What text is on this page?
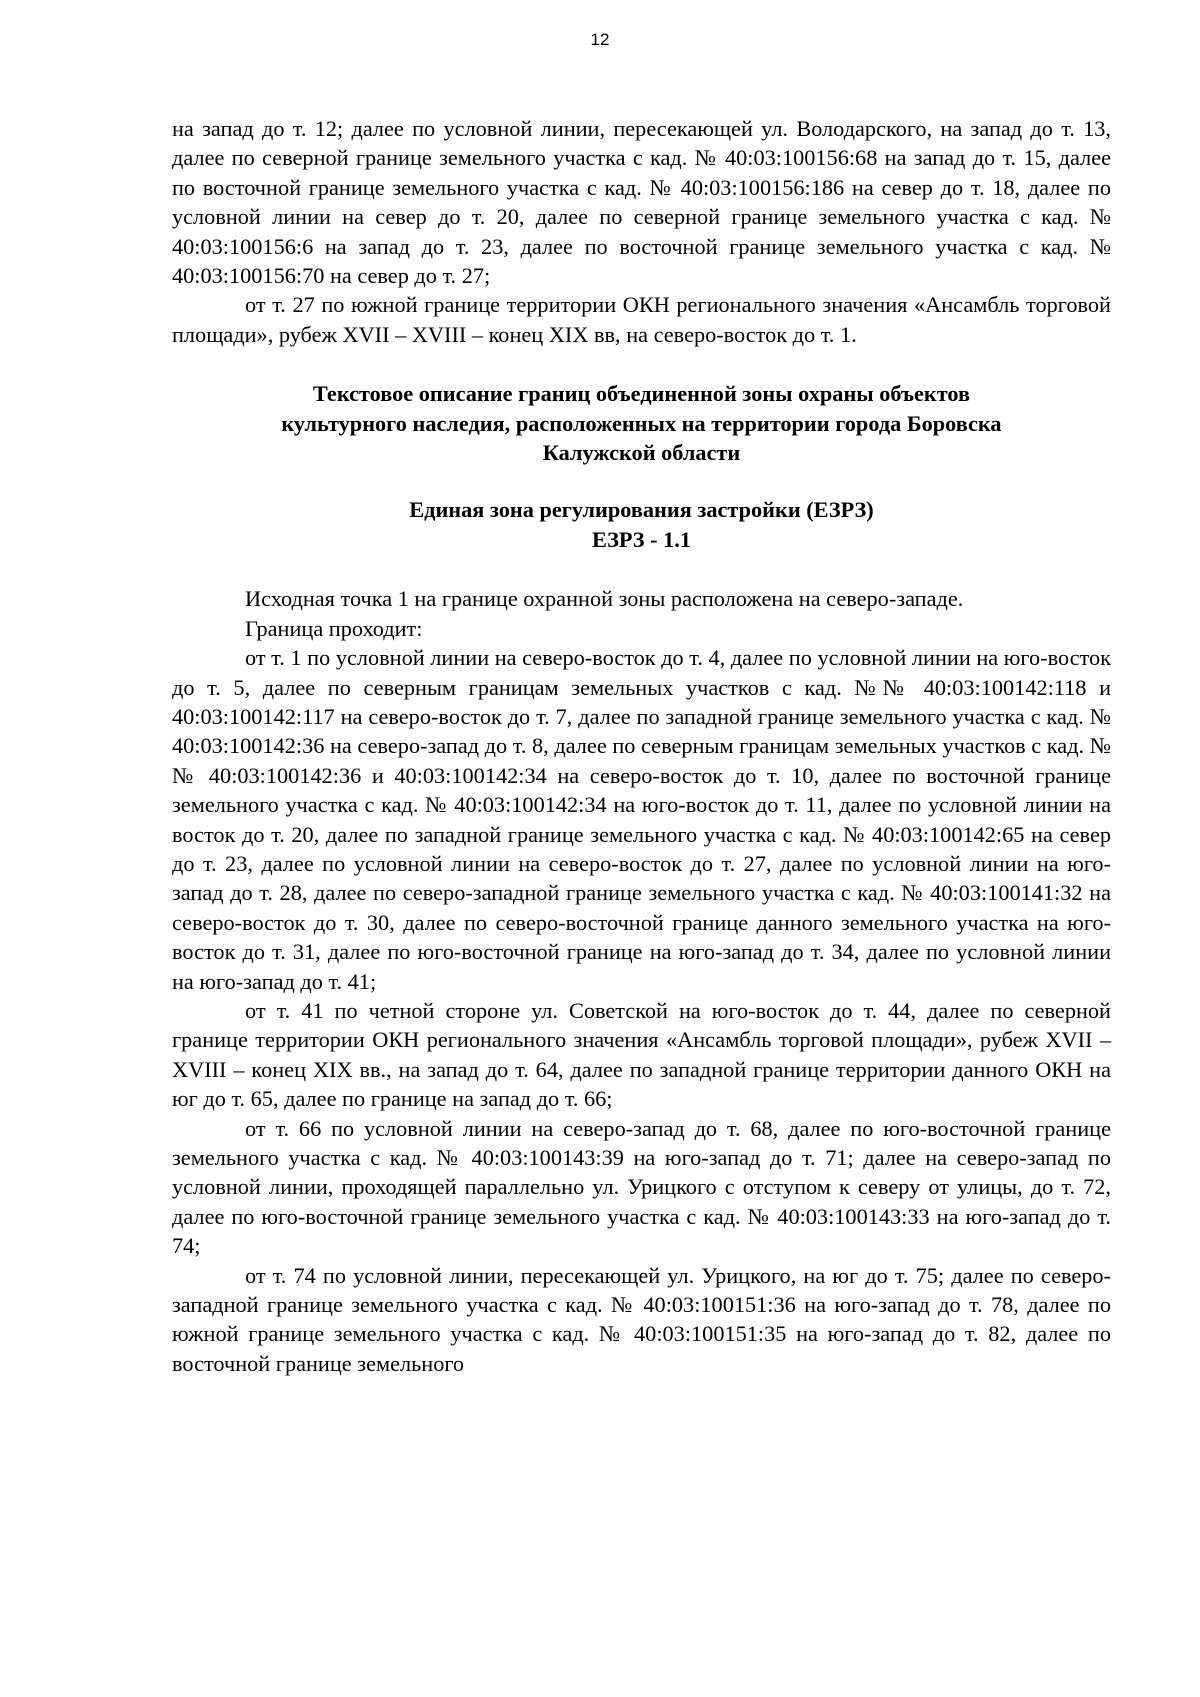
12

на запад до т. 12; далее по условной линии, пересекающей ул. Володарского, на запад до т. 13, далее по северной границе земельного участка с кад. № 40:03:100156:68 на запад до т. 15, далее по восточной границе земельного участка с кад. № 40:03:100156:186 на север до т. 18, далее по условной линии на север до т. 20, далее по северной границе земельного участка с кад. № 40:03:100156:6 на запад до т. 23, далее по восточной границе земельного участка с кад. № 40:03:100156:70 на север до т. 27;

от т. 27 по южной границе территории ОКН регионального значения «Ансамбль торговой площади», рубеж XVII – XVIII – конец XIX вв, на северо-восток до т. 1.

Текстовое описание границ объединенной зоны охраны объектов
культурного наследия, расположенных на территории города Боровска
Калужской области
Единая зона регулирования застройки (ЕЗРЗ)
ЕЗРЗ - 1.1

Исходная точка 1 на границе охранной зоны расположена на северо-западе.

Граница проходит:

от т. 1 по условной линии на северо-восток до т. 4, далее по условной линии на юго-восток до т. 5, далее по северным границам земельных участков с кад. №№ 40:03:100142:118 и 40:03:100142:117 на северо-восток до т. 7, далее по западной границе земельного участка с кад. № 40:03:100142:36 на северо-запад до т. 8, далее по северным границам земельных участков с кад. №№ 40:03:100142:36 и 40:03:100142:34 на северо-восток до т. 10, далее по восточной границе земельного участка с кад. № 40:03:100142:34 на юго-восток до т. 11, далее по условной линии на восток до т. 20, далее по западной границе земельного участка с кад. № 40:03:100142:65 на север до т. 23, далее по условной линии на северо-восток до т. 27, далее по условной линии на юго-запад до т. 28, далее по северо-западной границе земельного участка с кад. № 40:03:100141:32 на северо-восток до т. 30, далее по северо-восточной границе данного земельного участка на юго-восток до т. 31, далее по юго-восточной границе на юго-запад до т. 34, далее по условной линии на юго-запад до т. 41;

от т. 41 по четной стороне ул. Советской на юго-восток до т. 44, далее по северной границе территории ОКН регионального значения «Ансамбль торговой площади», рубеж XVII – XVIII – конец XIX вв., на запад до т. 64, далее по западной границе территории данного ОКН на юг до т. 65, далее по границе на запад до т. 66;

от т. 66 по условной линии на северо-запад до т. 68, далее по юго-восточной границе земельного участка с кад. № 40:03:100143:39 на юго-запад до т. 71; далее на северо-запад по условной линии, проходящей параллельно ул. Урицкого с отступом к северу от улицы, до т. 72, далее по юго-восточной границе земельного участка с кад. № 40:03:100143:33 на юго-запад до т. 74;

от т. 74 по условной линии, пересекающей ул. Урицкого, на юг до т. 75; далее по северо-западной границе земельного участка с кад. № 40:03:100151:36 на юго-запад до т. 78, далее по южной границе земельного участка с кад. № 40:03:100151:35 на юго-запад до т. 82, далее по восточной границе земельного
